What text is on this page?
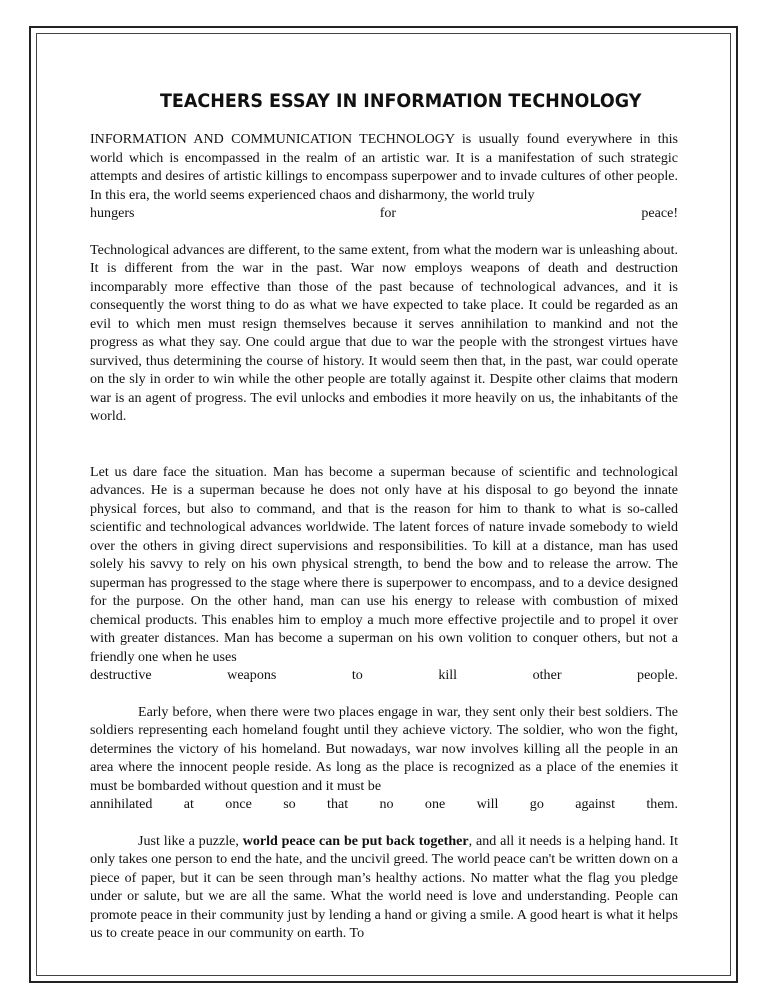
TEACHERS ESSAY IN INFORMATION TECHNOLOGY

INFORMATION AND COMMUNICATION TECHNOLOGY is usually found everywhere in this world which is encompassed in the realm of an artistic war. It is a manifestation of such strategic attempts and desires of artistic killings to encompass superpower and to invade cultures of other people. In this era, the world seems experienced chaos and disharmony, the world truly

hungers for peace!

Technological advances are different, to the same extent, from what the modern war is unleashing about. It is different from the war in the past. War now employs weapons of death and destruction incomparably more effective than those of the past because of technological advances, and it is consequently the worst thing to do as what we have expected to take place. It could be regarded as an evil to which men must resign themselves because it serves annihilation to mankind and not the progress as what they say. One could argue that due to war the people with the strongest virtues have survived, thus determining the course of history. It would seem then that, in the past, war could operate on the sly in order to win while the other people are totally against it. Despite other claims that modern war is an agent of progress. The evil unlocks and embodies it more heavily on us, the inhabitants of the world.

Let us dare face the situation. Man has become a superman because of scientific and technological advances. He is a superman because he does not only have at his disposal to go beyond the innate physical forces, but also to command, and that is the reason for him to thank to what is so-called scientific and technological advances worldwide. The latent forces of nature invade somebody to wield over the others in giving direct supervisions and responsibilities. To kill at a distance, man has used solely his savvy to rely on his own physical strength, to bend the bow and to release the arrow. The superman has progressed to the stage where there is superpower to encompass, and to a device designed for the purpose. On the other hand, man can use his energy to release with combustion of mixed chemical products. This enables him to employ a much more effective projectile and to propel it over with greater distances. Man has become a superman on his own volition to conquer others, but not a friendly one when he uses

destructive weapons to kill other people.

Early before, when there were two places engage in war, they sent only their best soldiers. The soldiers representing each homeland fought until they achieve victory. The soldier, who won the fight, determines the victory of his homeland. But nowadays, war now involves killing all the people in an area where the innocent people reside. As long as the place is recognized as a place of the enemies it must be bombarded without question and it must be

annihilated at once so that no one will go against them.

Just like a puzzle, world peace can be put back together, and all it needs is a helping hand. It only takes one person to end the hate, and the uncivil greed. The world peace can't be written down on a piece of paper, but it can be seen through man’s healthy actions. No matter what the flag you pledge under or salute, but we are all the same. What the world need is love and understanding. People can promote peace in their community just by lending a hand or giving a smile. A good heart is what it helps us to create peace in our community on earth. To
